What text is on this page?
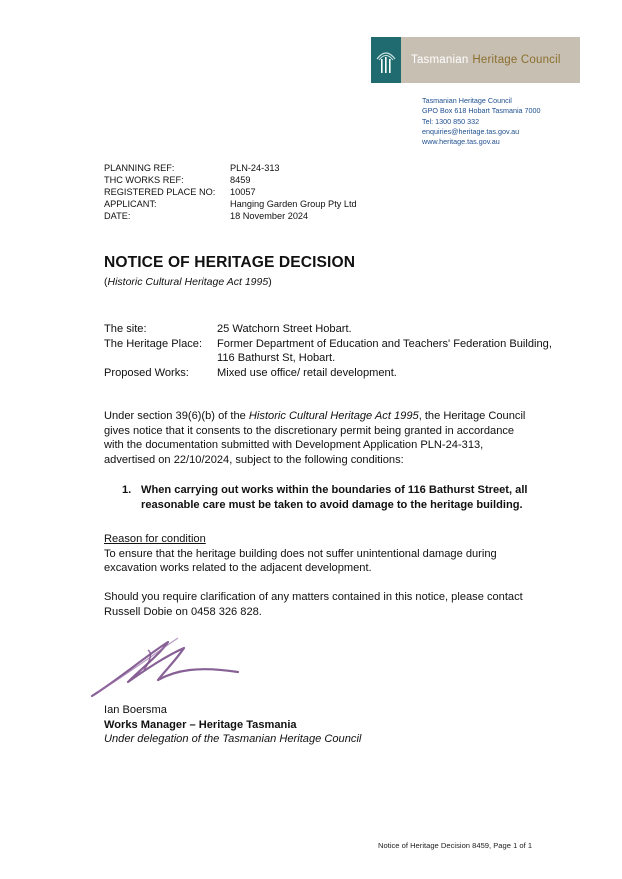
Tasmanian Heritage Council
Tasmanian Heritage Council
GPO Box 618 Hobart Tasmania 7000
Tel: 1300 850 332
enquiries@heritage.tas.gov.au
www.heritage.tas.gov.au
PLANNING REF:	PLN-24-313
THC WORKS REF:	8459
REGISTERED PLACE NO:	10057
APPLICANT:	Hanging Garden Group Pty Ltd
DATE:	18 November 2024
NOTICE OF HERITAGE DECISION
(Historic Cultural Heritage Act 1995)
The site:	25 Watchorn Street Hobart.
The Heritage Place:	Former Department of Education and Teachers' Federation Building,
116 Bathurst St, Hobart.
Proposed Works:	Mixed use office/ retail development.
Under section 39(6)(b) of the Historic Cultural Heritage Act 1995, the Heritage Council gives notice that it consents to the discretionary permit being granted in accordance with the documentation submitted with Development Application PLN-24-313, advertised on 22/10/2024, subject to the following conditions:
1. When carrying out works within the boundaries of 116 Bathurst Street, all reasonable care must be taken to avoid damage to the heritage building.
Reason for condition
To ensure that the heritage building does not suffer unintentional damage during excavation works related to the adjacent development.
Should you require clarification of any matters contained in this notice, please contact Russell Dobie on 0458 326 828.
Ian Boersma
Works Manager – Heritage Tasmania
Under delegation of the Tasmanian Heritage Council
Notice of Heritage Decision 8459, Page 1 of 1
